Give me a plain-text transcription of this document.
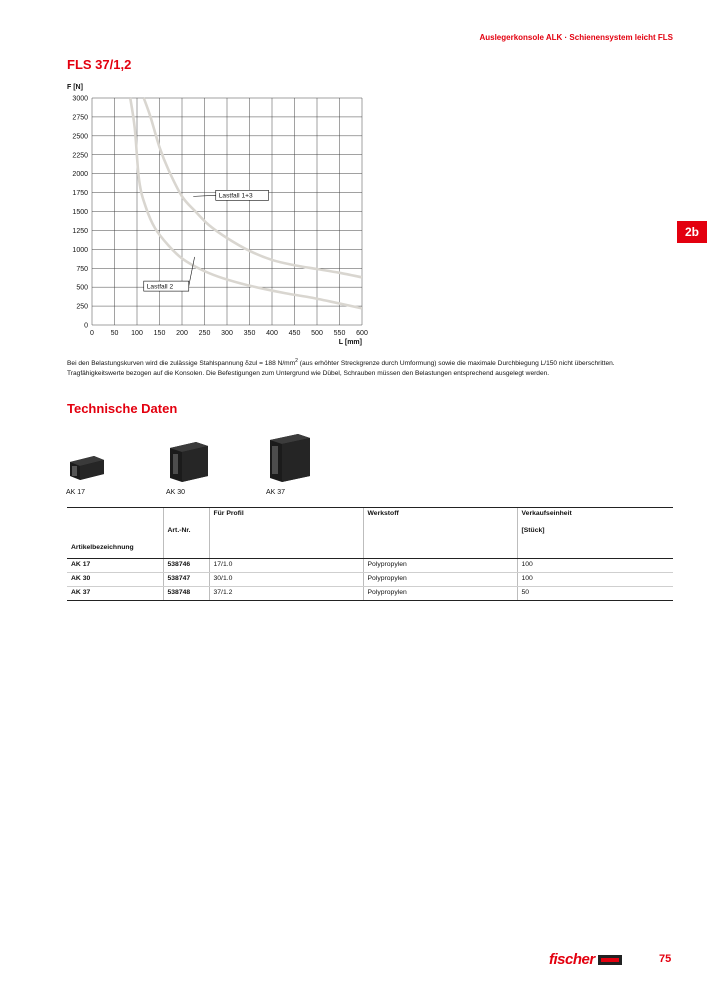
Auslegerkonsole ALK · Schienensystem leicht FLS
FLS 37/1,2
2b
0 50 100 150 200 250 300 350 400 450 500 550 600
0
250
500
750
1000
1250
1500
1750
2000
2250
2500
2750
3000
F [N]
L [mm]
Lastfall 1+3
Lastfall 2

Bei den Belastungskurven wird die zulässige Stahlspannung δzul = 188 $N/mm^2$ (aus erhöhter Streckgrenze durch Umformung) sowie die maximale Durchbiegung L/150 nicht überschritten.

Tragfähigkeitswerte bezogen auf die Konsolen. Die Befestigungen zum Untergrund wie Dübel, Schrauben müssen den Belastungen entsprechend ausgelegt werden.

Technische Daten
AK 17	AK 30	AK 37
		Für Profil	Werkstoff	Verkaufseinheit
	Art.-Nr.			[Stück]
Artikelbezeichnung				
AK 17	538746	17/1.0	Polypropylen	100
AK 30	538747	30/1.0	Polypropylen	100
AK 37	538748	37/1.2	Polypropylen	50
fischer	75
